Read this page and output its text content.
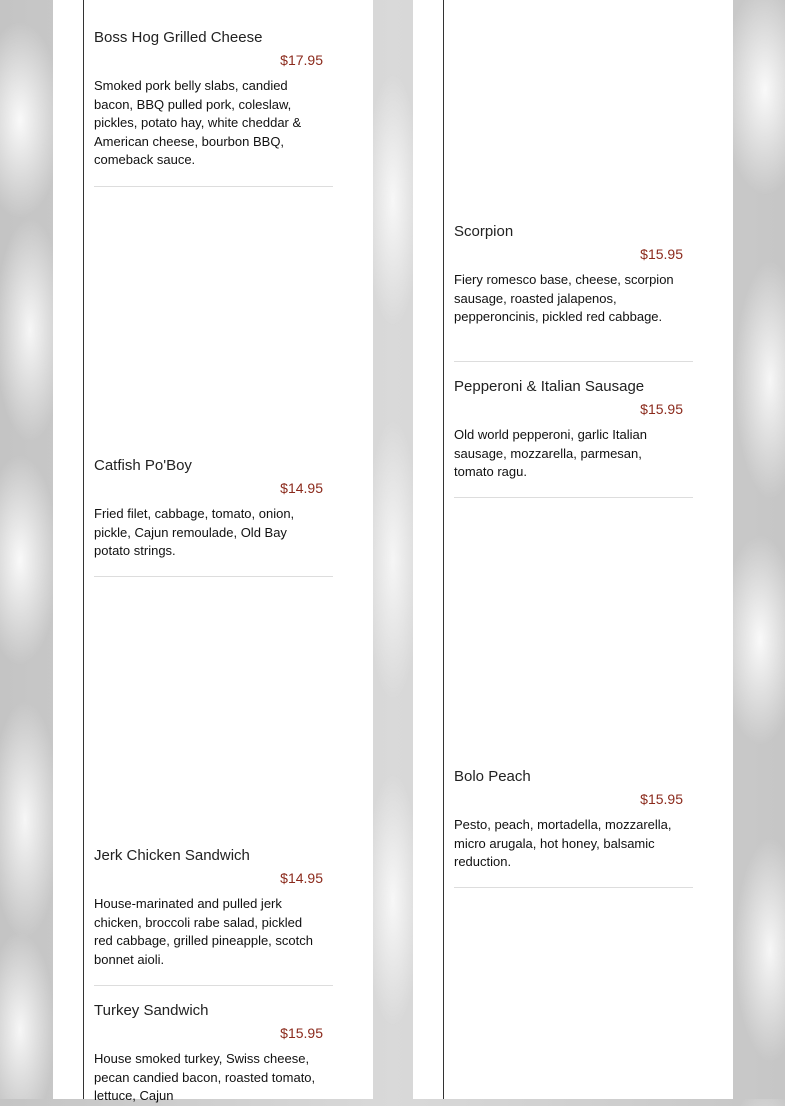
Boss Hog Grilled Cheese
$17.95
Smoked pork belly slabs, candied bacon, BBQ pulled pork, coleslaw, pickles, potato hay, white cheddar & American cheese, bourbon BBQ, comeback sauce.
Catfish Po'Boy
$14.95
Fried filet, cabbage, tomato, onion, pickle, Cajun remoulade, Old Bay potato strings.
Jerk Chicken Sandwich
$14.95
House-marinated and pulled jerk chicken, broccoli rabe salad, pickled red cabbage, grilled pineapple, scotch bonnet aioli.
Turkey Sandwich
$15.95
House smoked turkey, Swiss cheese, pecan candied bacon, roasted tomato, lettuce, Cajun
Scorpion
$15.95
Fiery romesco base, cheese, scorpion sausage, roasted jalapenos, pepperoncinis, pickled red cabbage.
Pepperoni & Italian Sausage
$15.95
Old world pepperoni, garlic Italian sausage, mozzarella, parmesan, tomato ragu.
Bolo Peach
$15.95
Pesto, peach, mortadella, mozzarella, micro arugala, hot honey, balsamic reduction.
